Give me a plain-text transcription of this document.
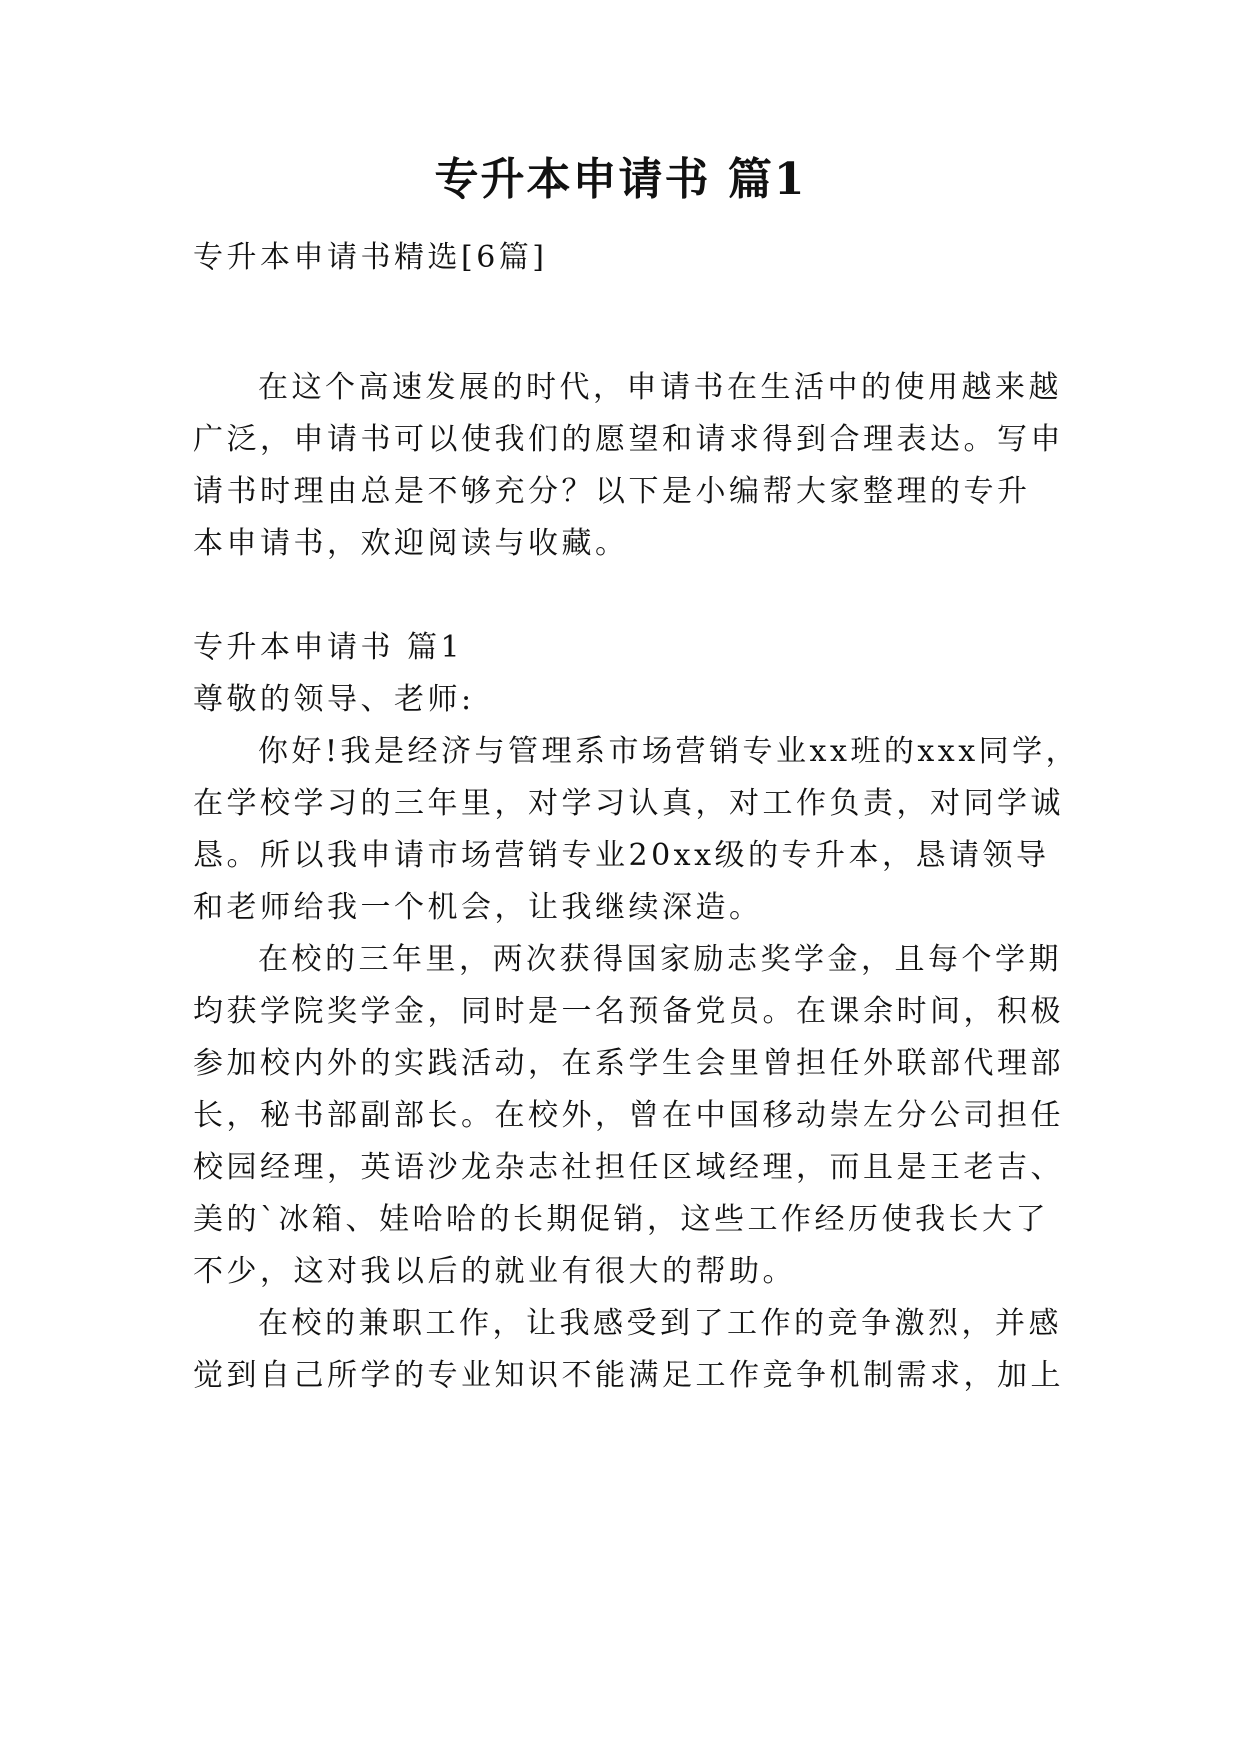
专升本申请书 篇1
专升本申请书精选[6篇]
在这个高速发展的时代，申请书在生活中的使用越来越
广泛，申请书可以使我们的愿望和请求得到合理表达。写申
请书时理由总是不够充分？以下是小编帮大家整理的专升
本申请书，欢迎阅读与收藏。
专升本申请书 篇1
尊敬的领导、老师:
你好!我是经济与管理系市场营销专业xx班的xxx同学，
在学校学习的三年里，对学习认真，对工作负责，对同学诚
恳。所以我申请市场营销专业20xx级的专升本，恳请领导
和老师给我一个机会，让我继续深造。
在校的三年里，两次获得国家励志奖学金，且每个学期
均获学院奖学金，同时是一名预备党员。在课余时间，积极
参加校内外的实践活动，在系学生会里曾担任外联部代理部
长，秘书部副部长。在校外，曾在中国移动崇左分公司担任
校园经理，英语沙龙杂志社担任区域经理，而且是王老吉、
美的`冰箱、娃哈哈的长期促销，这些工作经历使我长大了
不少，这对我以后的就业有很大的帮助。
在校的兼职工作，让我感受到了工作的竞争激烈，并感
觉到自己所学的专业知识不能满足工作竞争机制需求，加上
